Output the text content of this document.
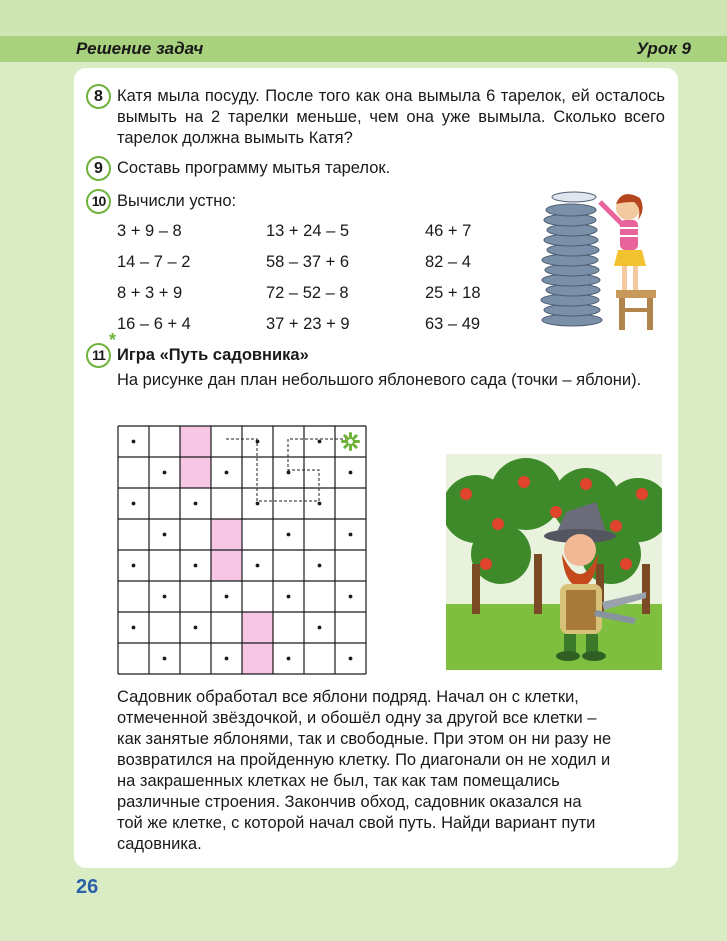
Решение задач	Урок 9
8 Катя мыла посуду. После того как она вымыла 6 тарелок, ей осталось вымыть на 2 тарелки меньше, чем она уже вымыла. Сколько всего тарелок должна вымыть Катя?
9 Составь программу мытья тарелок.
10 Вычисли устно:
3 + 9 – 8
14 – 7 – 2
8 + 3 + 9
16 – 6 + 4
13 + 24 – 5
58 – 37 + 6
72 – 52 – 8
37 + 23 + 9
46 + 7
82 – 4
25 + 18
63 – 49
11
*
Игра «Путь садовника»
На рисунке дан план небольшого яблоневого сада (точки – яблони).
Садовник обработал все яблони подряд. Начал он с клетки,
отмеченной звёздочкой, и обошёл одну за другой все клетки –
как занятые яблонями, так и свободные. При этом он ни разу не
возвратился на пройденную клетку. По диагонали он не ходил и
на закрашенных клетках не был, так как там помещались
различные строения. Закончив обход, садовник оказался на
той же клетке, с которой начал свой путь. Найди вариант пути
садовника.
26
